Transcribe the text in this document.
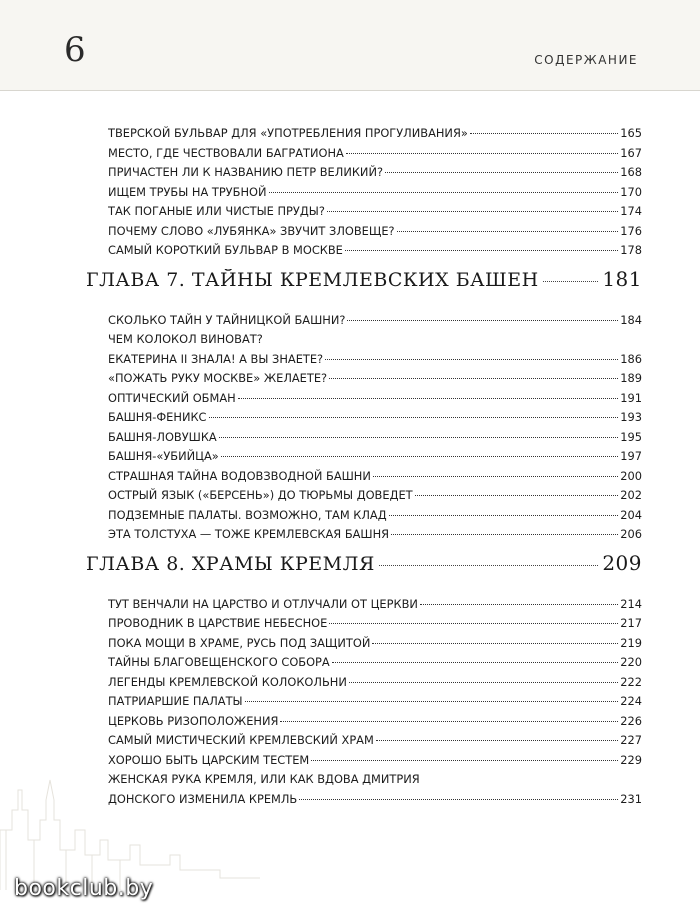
6	СОДЕРЖАНИЕ
ТВЕРСКОЙ БУЛЬВАР ДЛЯ «УПОТРЕБЛЕНИЯ ПРОГУЛИВАНИЯ»	165
МЕСТО, ГДЕ ЧЕСТВОВАЛИ БАГРАТИОНА	167
ПРИЧАСТЕН ЛИ К НАЗВАНИЮ ПЕТР ВЕЛИКИЙ?	168
ИЩЕМ ТРУБЫ НА ТРУБНОЙ	170
ТАК ПОГАНЫЕ ИЛИ ЧИСТЫЕ ПРУДЫ?	174
ПОЧЕМУ СЛОВО «ЛУБЯНКА» ЗВУЧИТ ЗЛОВЕЩЕ?	176
САМЫЙ КОРОТКИЙ БУЛЬВАР В МОСКВЕ	178
ГЛАВА 7. ТАЙНЫ КРЕМЛЕВСКИХ БАШЕН	181
СКОЛЬКО ТАЙН У ТАЙНИЦКОЙ БАШНИ?	184
ЧЕМ КОЛОКОЛ ВИНОВАТ?
ЕКАТЕРИНА II ЗНАЛА! А ВЫ ЗНАЕТЕ?	186
«ПОЖАТЬ РУКУ МОСКВЕ» ЖЕЛАЕТЕ?	189
ОПТИЧЕСКИЙ ОБМАН	191
БАШНЯ-ФЕНИКС	193
БАШНЯ-ЛОВУШКА	195
БАШНЯ-«УБИЙЦА»	197
СТРАШНАЯ ТАЙНА ВОДОВЗВОДНОЙ БАШНИ	200
ОСТРЫЙ ЯЗЫК («БЕРСЕНЬ») ДО ТЮРЬМЫ ДОВЕДЕТ	202
ПОДЗЕМНЫЕ ПАЛАТЫ. ВОЗМОЖНО, ТАМ КЛАД	204
ЭТА ТОЛСТУХА — ТОЖЕ КРЕМЛЕВСКАЯ БАШНЯ	206
ГЛАВА 8. ХРАМЫ КРЕМЛЯ	209
ТУТ ВЕНЧАЛИ НА ЦАРСТВО И ОТЛУЧАЛИ ОТ ЦЕРКВИ	214
ПРОВОДНИК В ЦАРСТВИЕ НЕБЕСНОЕ	217
ПОКА МОЩИ В ХРАМЕ, РУСЬ ПОД ЗАЩИТОЙ	219
ТАЙНЫ БЛАГОВЕЩЕНСКОГО СОБОРА	220
ЛЕГЕНДЫ КРЕМЛЕВСКОЙ КОЛОКОЛЬНИ	222
ПАТРИАРШИЕ ПАЛАТЫ	224
ЦЕРКОВЬ РИЗОПОЛОЖЕНИЯ	226
САМЫЙ МИСТИЧЕСКИЙ КРЕМЛЕВСКИЙ ХРАМ	227
ХОРОШО БЫТЬ ЦАРСКИМ ТЕСТЕМ	229
ЖЕНСКАЯ РУКА КРЕМЛЯ, ИЛИ КАК ВДОВА ДМИТРИЯ
ДОНСКОГО ИЗМЕНИЛА КРЕМЛЬ	231
bookclub.by
